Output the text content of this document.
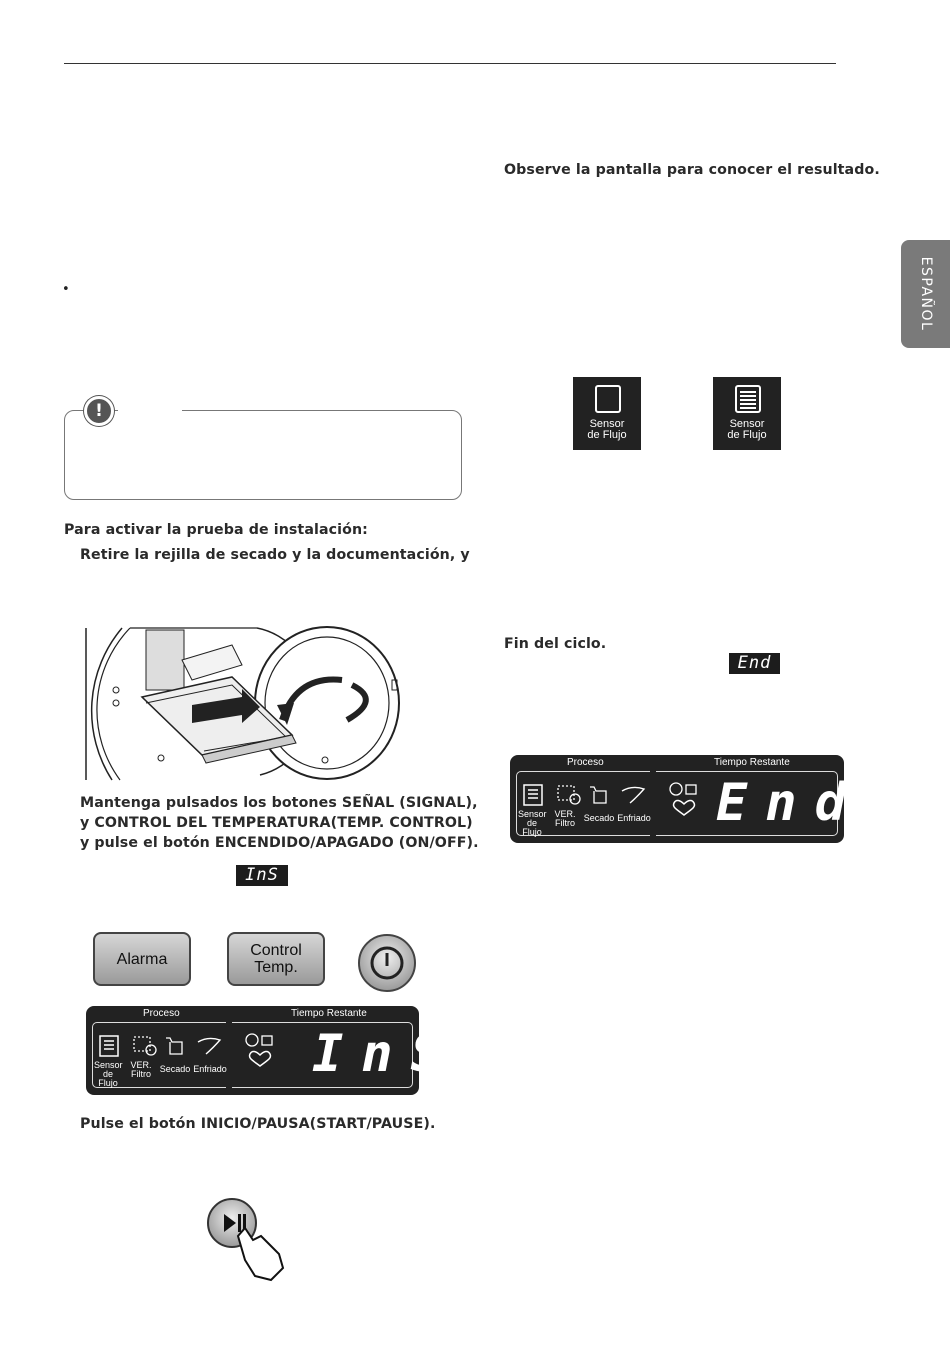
ESPAÑOL
•
!
Para activar la prueba de instalación:
Retire la rejilla de secado y la documentación, y
Mantenga pulsados los botones SEÑAL (SIGNAL),
y CONTROL DEL TEMPERATURA(TEMP. CONTROL)
y pulse el botón ENCENDIDO/APAGADO (ON/OFF).
InS
Alarma	Control
Temp.
Proceso	Tiempo Restante
Sensor
de Flujo
VER.
Filtro Secado Enfriado InS
Pulse el botón INICIO/PAUSA(START/PAUSE).
Observe la pantalla para conocer el resultado.
Sensor
de Flujo
Sensor
de Flujo
Fin del ciclo.
End
Proceso	Tiempo Restante
Sensor
de Flujo
VER.
Filtro Secado Enfriado End
